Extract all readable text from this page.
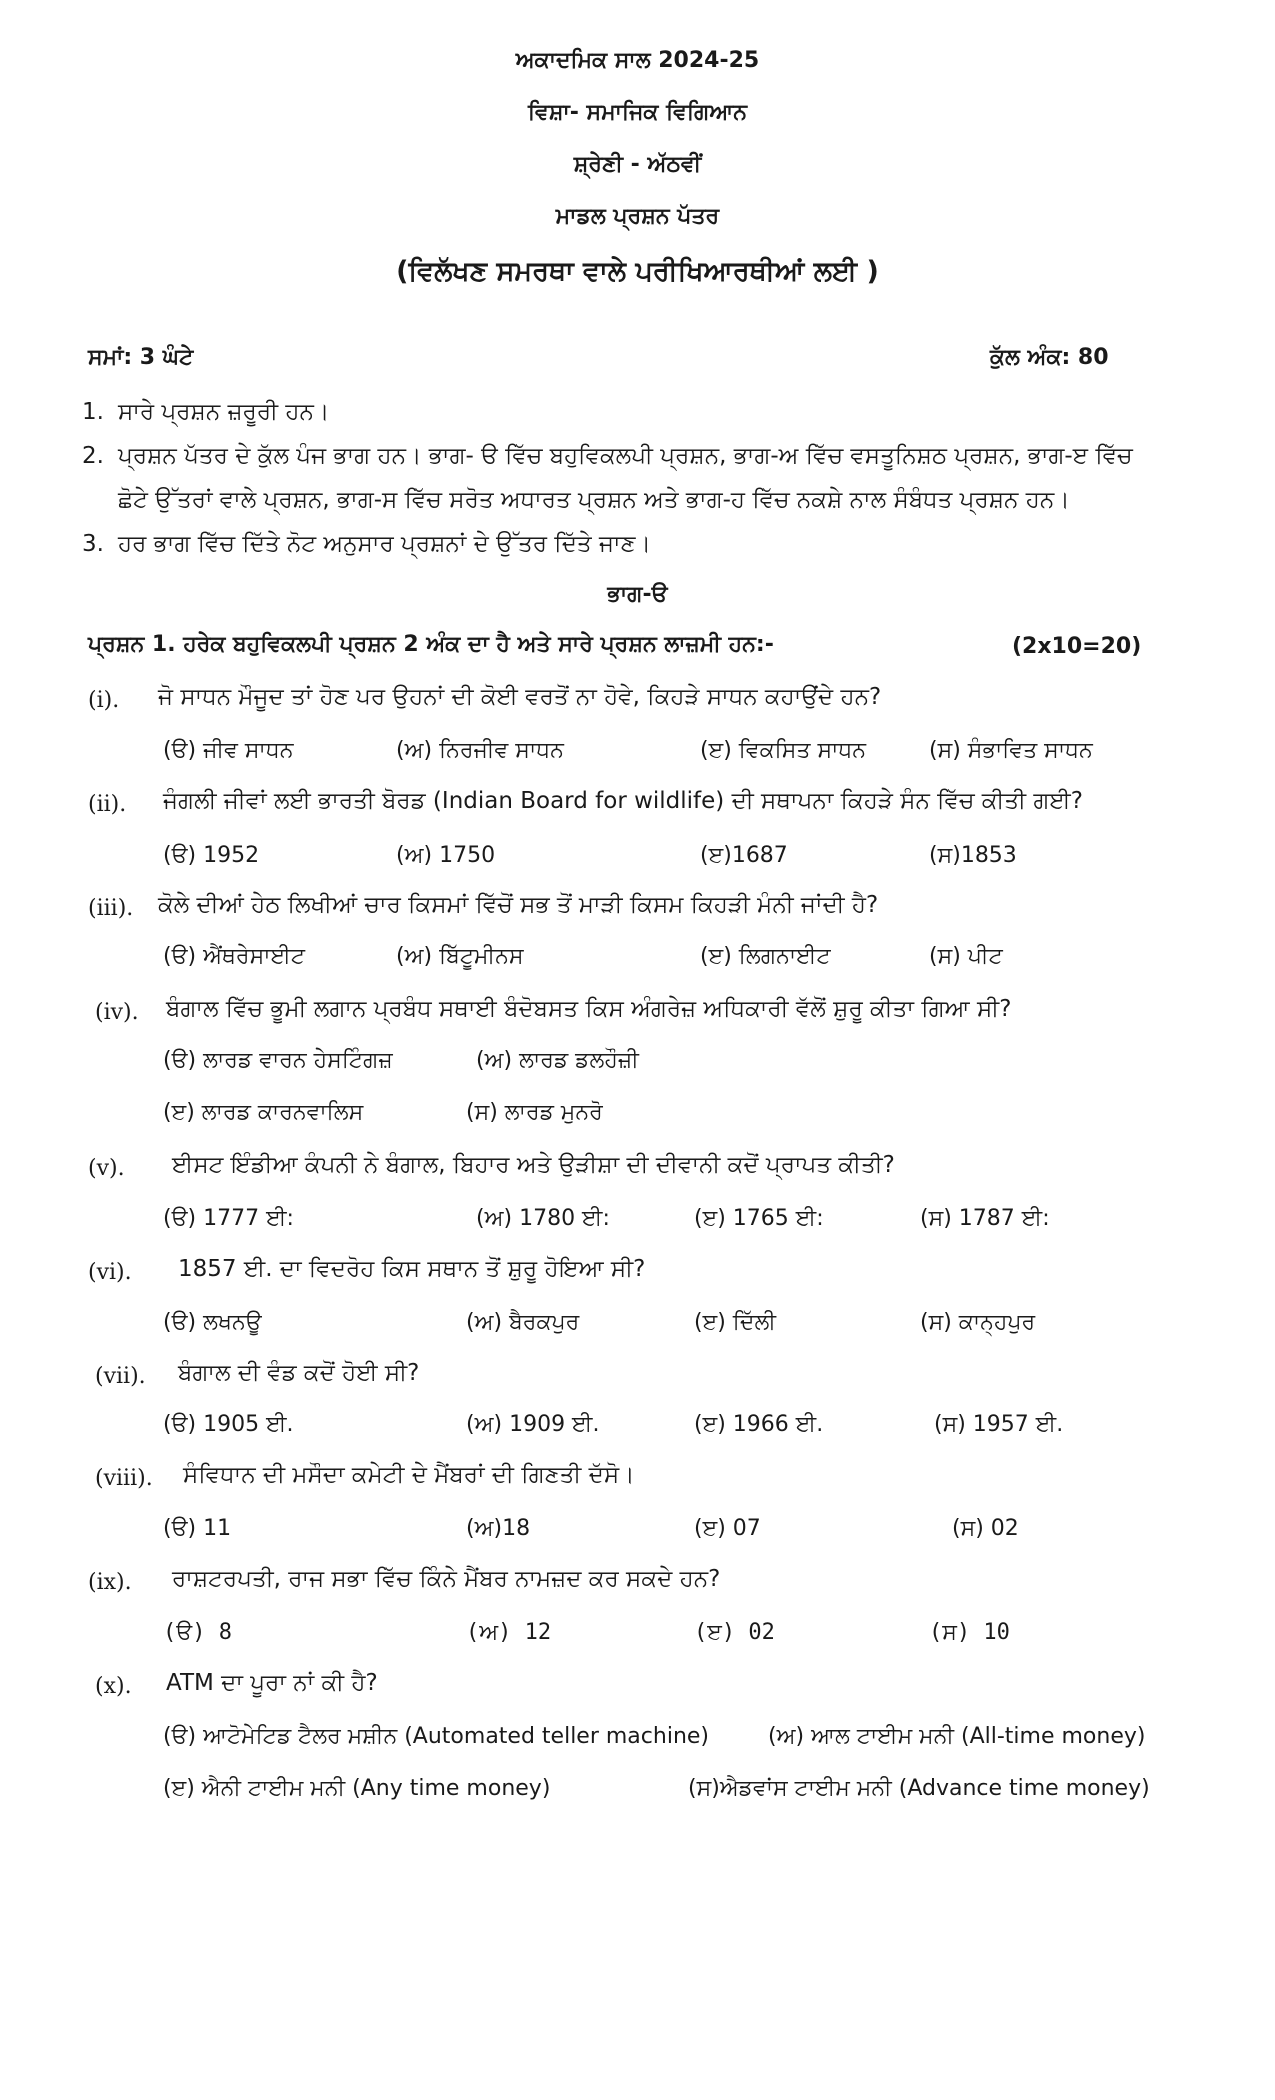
ਅਕਾਦਮਿਕ ਸਾਲ 2024-25
ਵਿਸ਼ਾ- ਸਮਾਜਿਕ ਵਿਗਿਆਨ
ਸ਼੍ਰੇਣੀ - ਅੱਠਵੀਂ
ਮਾਡਲ ਪ੍ਰਸ਼ਨ ਪੱਤਰ
(ਵਿਲੱਖਣ ਸਮਰਥਾ ਵਾਲੇ ਪਰੀਖਿਆਰਥੀਆਂ ਲਈ )
ਸਮਾਂ: 3 ਘੰਟੇ	ਕੁੱਲ ਅੰਕ: 80
1. ਸਾਰੇ ਪ੍ਰਸ਼ਨ ਜ਼ਰੂਰੀ ਹਨ।
2. ਪ੍ਰਸ਼ਨ ਪੱਤਰ ਦੇ ਕੁੱਲ ਪੰਜ ਭਾਗ ਹਨ। ਭਾਗ- ੳ ਵਿੱਚ ਬਹੁਵਿਕਲਪੀ ਪ੍ਰਸ਼ਨ, ਭਾਗ-ਅ ਵਿੱਚ ਵਸਤੂਨਿਸ਼ਠ ਪ੍ਰਸ਼ਨ, ਭਾਗ-ੲ ਵਿੱਚ
ਛੋਟੇ ਉੱਤਰਾਂ ਵਾਲੇ ਪ੍ਰਸ਼ਨ, ਭਾਗ-ਸ ਵਿੱਚ ਸਰੋਤ ਅਧਾਰਤ ਪ੍ਰਸ਼ਨ ਅਤੇ ਭਾਗ-ਹ ਵਿੱਚ ਨਕਸ਼ੇ ਨਾਲ ਸੰਬੰਧਤ ਪ੍ਰਸ਼ਨ ਹਨ।
3. ਹਰ ਭਾਗ ਵਿੱਚ ਦਿੱਤੇ ਨੋਟ ਅਨੁਸਾਰ ਪ੍ਰਸ਼ਨਾਂ ਦੇ ਉੱਤਰ ਦਿੱਤੇ ਜਾਣ।
ਭਾਗ-ੳ
ਪ੍ਰਸ਼ਨ 1. ਹਰੇਕ ਬਹੁਵਿਕਲਪੀ ਪ੍ਰਸ਼ਨ 2 ਅੰਕ ਦਾ ਹੈ ਅਤੇ ਸਾਰੇ ਪ੍ਰਸ਼ਨ ਲਾਜ਼ਮੀ ਹਨ:-	(2x10=20)
(i). ਜੋ ਸਾਧਨ ਮੌਜੂਦ ਤਾਂ ਹੋਣ ਪਰ ਉਹਨਾਂ ਦੀ ਕੋਈ ਵਰਤੋਂ ਨਾ ਹੋਵੇ, ਕਿਹੜੇ ਸਾਧਨ ਕਹਾਉਂਦੇ ਹਨ?
(ੳ) ਜੀਵ ਸਾਧਨ	(ਅ) ਨਿਰਜੀਵ ਸਾਧਨ	(ੲ) ਵਿਕਸਿਤ ਸਾਧਨ	(ਸ) ਸੰਭਾਵਿਤ ਸਾਧਨ
(ii). ਜੰਗਲੀ ਜੀਵਾਂ ਲਈ ਭਾਰਤੀ ਬੋਰਡ (Indian Board for wildlife) ਦੀ ਸਥਾਪਨਾ ਕਿਹੜੇ ਸੰਨ ਵਿੱਚ ਕੀਤੀ ਗਈ?
(ੳ) 1952	(ਅ) 1750	(ੲ)1687	(ਸ)1853
(iii). ਕੋਲੇ ਦੀਆਂ ਹੇਠ ਲਿਖੀਆਂ ਚਾਰ ਕਿਸਮਾਂ ਵਿੱਚੋਂ ਸਭ ਤੋਂ ਮਾੜੀ ਕਿਸਮ ਕਿਹੜੀ ਮੰਨੀ ਜਾਂਦੀ ਹੈ?
(ੳ) ਐਂਥਰੇਸਾਈਟ	(ਅ) ਬਿੱਟੂਮੀਨਸ	(ੲ) ਲਿਗਨਾਈਟ	(ਸ) ਪੀਟ
(iv). ਬੰਗਾਲ ਵਿੱਚ ਭੂਮੀ ਲਗਾਨ ਪ੍ਰਬੰਧ ਸਥਾਈ ਬੰਦੋਬਸਤ ਕਿਸ ਅੰਗਰੇਜ਼ ਅਧਿਕਾਰੀ ਵੱਲੋਂ ਸ਼ੁਰੂ ਕੀਤਾ ਗਿਆ ਸੀ?
(ੳ) ਲਾਰਡ ਵਾਰਨ ਹੇਸਟਿੰਗਜ਼	(ਅ) ਲਾਰਡ ਡਲਹੌਜ਼ੀ
(ੲ) ਲਾਰਡ ਕਾਰਨਵਾਲਿਸ	(ਸ) ਲਾਰਡ ਮੁਨਰੋ
(v). ਈਸਟ ਇੰਡੀਆ ਕੰਪਨੀ ਨੇ ਬੰਗਾਲ, ਬਿਹਾਰ ਅਤੇ ਉੜੀਸ਼ਾ ਦੀ ਦੀਵਾਨੀ ਕਦੋਂ ਪ੍ਰਾਪਤ ਕੀਤੀ?
(ੳ) 1777 ਈ:	(ਅ) 1780 ਈ:	(ੲ) 1765 ਈ:	(ਸ) 1787 ਈ:
(vi). 1857 ਈ. ਦਾ ਵਿਦਰੋਹ ਕਿਸ ਸਥਾਨ ਤੋਂ ਸ਼ੁਰੂ ਹੋਇਆ ਸੀ?
(ੳ) ਲਖਨਊ	(ਅ) ਬੈਰਕਪੁਰ	(ੲ) ਦਿੱਲੀ	(ਸ) ਕਾਨ੍ਹਪੁਰ
(vii). ਬੰਗਾਲ ਦੀ ਵੰਡ ਕਦੋਂ ਹੋਈ ਸੀ?
(ੳ) 1905 ਈ.	(ਅ) 1909 ਈ.	(ੲ) 1966 ਈ.	(ਸ) 1957 ਈ.
(viii). ਸੰਵਿਧਾਨ ਦੀ ਮਸੌਦਾ ਕਮੇਟੀ ਦੇ ਮੈਂਬਰਾਂ ਦੀ ਗਿਣਤੀ ਦੱਸੋ।
(ੳ) 11	(ਅ)18	(ੲ) 07	(ਸ) 02
(ix). ਰਾਸ਼ਟਰਪਤੀ, ਰਾਜ ਸਭਾ ਵਿੱਚ ਕਿੰਨੇ ਮੈਂਬਰ ਨਾਮਜ਼ਦ ਕਰ ਸਕਦੇ ਹਨ?
(ੳ) 8	(ਅ) 12	(ੲ) 02	(ਸ) 10
(x). ATM ਦਾ ਪੂਰਾ ਨਾਂ ਕੀ ਹੈ?
(ੳ) ਆਟੋਮੇਟਿਡ ਟੈਲਰ ਮਸ਼ੀਨ (Automated teller machine)	(ਅ) ਆਲ ਟਾਈਮ ਮਨੀ (All-time money)
(ੲ) ਐਨੀ ਟਾਈਮ ਮਨੀ (Any time money)	(ਸ)ਐਡਵਾਂਸ ਟਾਈਮ ਮਨੀ (Advance time money)
